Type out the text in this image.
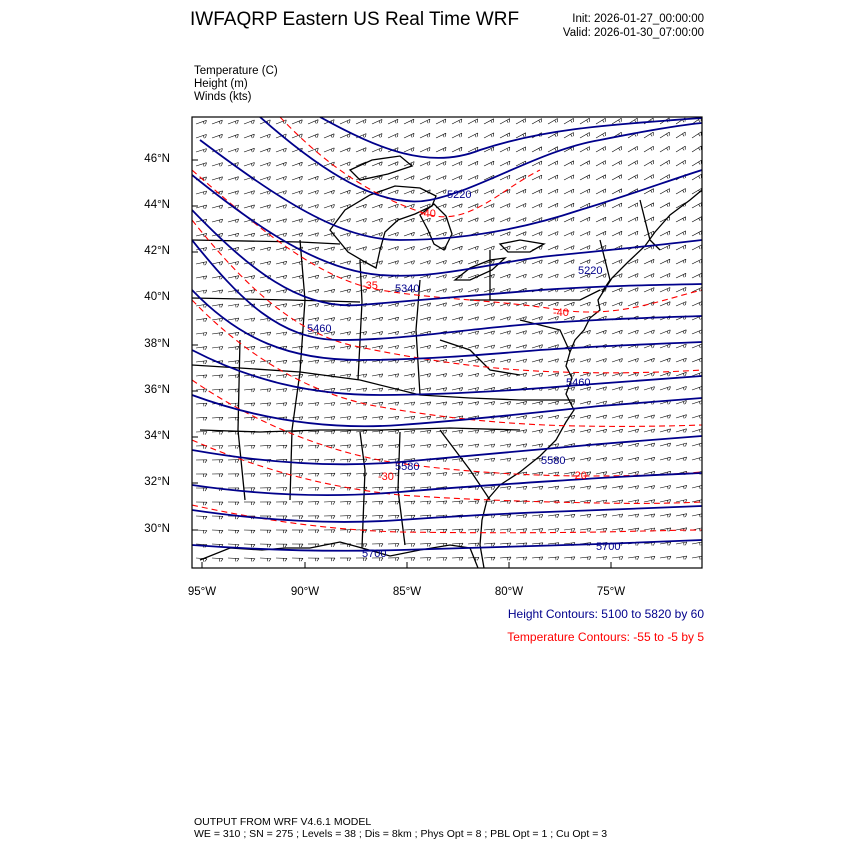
IWFAQRP Eastern US Real Time WRF	Init: 2026-01-27_00:00:00
Valid: 2026-01-30_07:00:00
Temperature (C)
Height (m)
Winds (kts)
5220
5220
5340
5460
5460
5580	5580
5700
5700
-40
-40
-35
-30	-20
46°N
44°N
42°N
40°N
38°N
36°N
34°N
32°N
30°N
95°W	90°W	85°W	80°W	75°W
Height Contours: 5100 to 5820 by 60
Temperature Contours: -55 to -5 by 5
OUTPUT FROM WRF V4.6.1 MODEL
WE = 310 ; SN = 275 ; Levels = 38 ; Dis = 8km ; Phys Opt = 8 ; PBL Opt = 1 ; Cu Opt = 3
